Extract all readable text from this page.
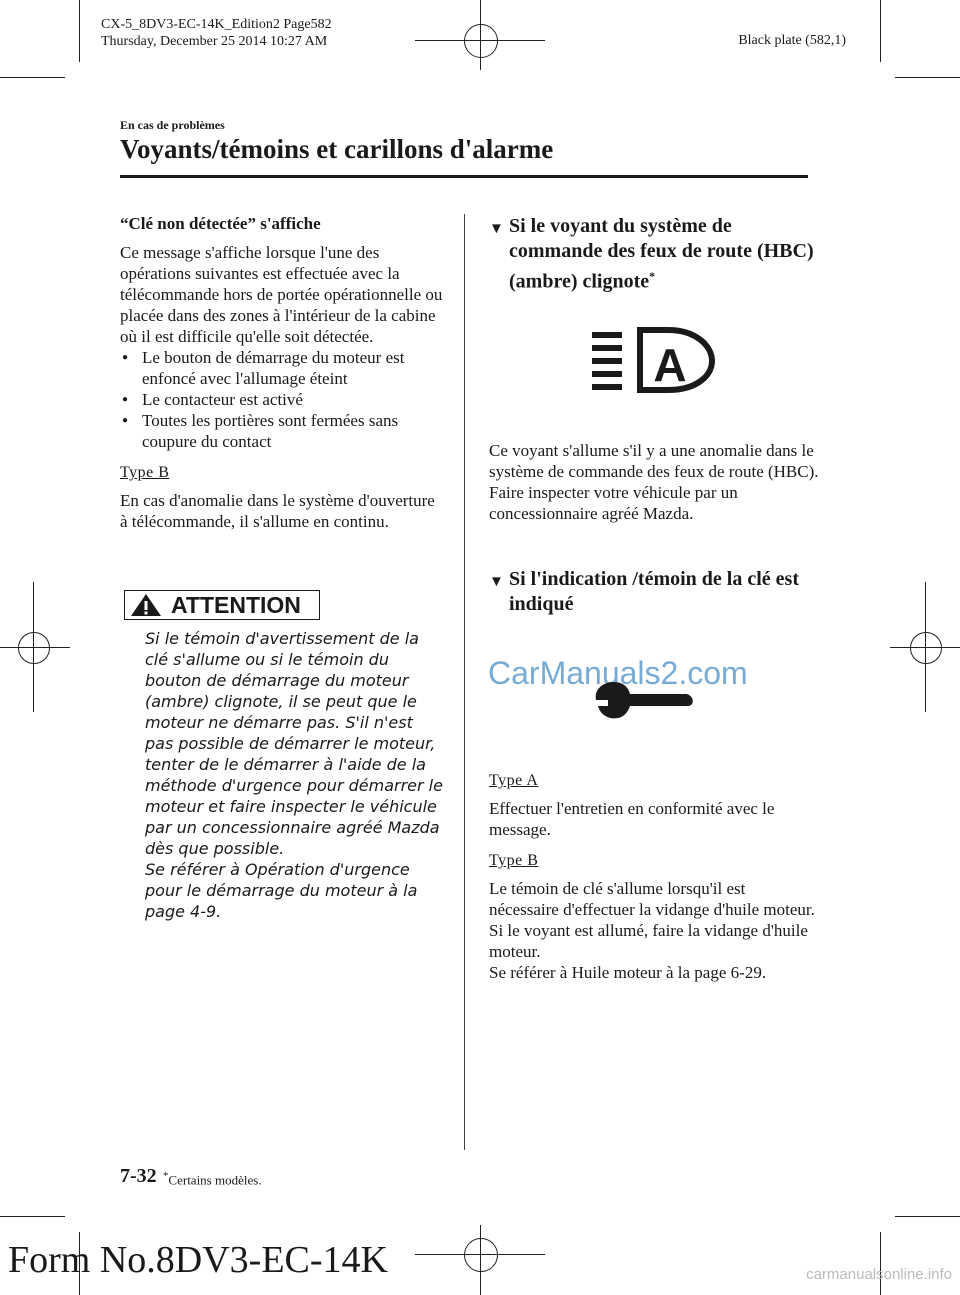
CX-5_8DV3-EC-14K_Edition2 Page582
Thursday, December 25 2014 10:27 AM	Black plate (582,1)
En cas de problèmes
Voyants/témoins et carillons d'alarme

“Clé non détectée” s'affiche

Ce message s'affiche lorsque l'une des opérations suivantes est effectuée avec la télécommande hors de portée opérationnelle ou placée dans des zones à l'intérieur de la cabine où il est difficile qu'elle soit détectée.

● Le bouton de démarrage du moteur est enfoncé avec l'allumage éteint

● Le contacteur est activé

● Toutes les portières sont fermées sans coupure du contact

Type B

En cas d'anomalie dans le système d'ouverture à télécommande, il s'allume en continu.

ATTENTION
Si le témoin d'avertissement de la clé s'allume ou si le témoin du bouton de démarrage du moteur (ambre) clignote, il se peut que le moteur ne démarre pas. S'il n'est pas possible de démarrer le moteur, tenter de le démarrer à l'aide de la méthode d'urgence pour démarrer le moteur et faire inspecter le véhicule par un concessionnaire agréé Mazda dès que possible.
Se référer à Opération d'urgence pour le démarrage du moteur à la page 4-9.
▼ Si le voyant du système de commande des feux de route (HBC) (ambre) clignote*
A

Ce voyant s'allume s'il y a une anomalie dans le système de commande des feux de route (HBC). Faire inspecter votre véhicule par un concessionnaire agréé Mazda.

▼ Si l'indication /témoin de la clé est indiqué
CarManuals2.com

Type A

Effectuer l'entretien en conformité avec le message.

Type B

Le témoin de clé s'allume lorsqu'il est nécessaire d'effectuer la vidange d'huile moteur.

Si le voyant est allumé, faire la vidange d'huile moteur.

Se référer à Huile moteur à la page 6-29.

7-32 *Certains modèles.
Form No.8DV3-EC-14K	carmanualsonline.info
